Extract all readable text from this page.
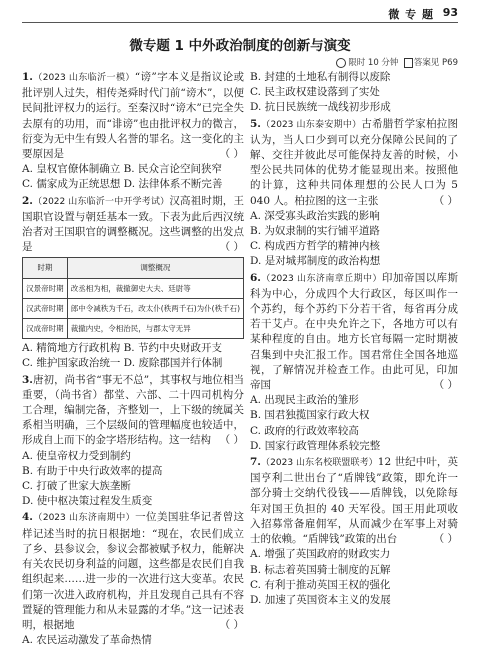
微 专 题 93
微专题 1 中外政治制度的创新与演变
限时 10 分钟 答案见 P69

1.（2023 山东临沂一模）“谤”字本义是指议论或批评别人过失，相传尧舜时代门前“谤木”，以便民间批评权力的运行。至秦汉时“谤木”已完全失去原有的功用，而“诽谤”也由批评权力的微言，衍变为无中生有毁人名誉的罪名。这一变化的主要原因是	（ ）

A. 皇权官僚体制确立 B. 民众言论空间狭窄

C. 儒家成为正统思想 D. 法律体系不断完善

2.（2022 山东临沂一中开学考试）汉高祖时期，王国职官设置与朝廷基本一致。下表为此后西汉统治者对王国职官的调整概况。这些调整的出发点是	（ ）

时期	调整概况
汉景帝时期	改丞相为相，裁撤御史大夫、廷尉等
汉武帝时期	郎中令减秩为千石，改太仆(秩两千石)为仆(秩千石)
汉成帝时期	裁撤内史，令相治民，与郡太守无异

A. 精简地方行政机构 B. 节约中央财政开支

C. 维护国家政治统一 D. 废除郡国并行体制

3.唐初，尚书省“事无不总”，其事权与地位相当重要，（尚书省）都堂、六部、二十四司机构分工合理，编制完备，齐整划一，上下级的统属关系相当明确，三个层级间的管理幅度也较适中，形成自上而下的金字塔形结构。这一结构 （ ）

A. 使皇帝权力受到制约

B. 有助于中央行政效率的提高

C. 打破了世家大族垄断

D. 使中枢决策过程发生质变

4.（2023 山东济南期中）一位美国驻华记者曾这样记述当时的抗日根据地：“现在，农民们成立了乡、县参议会，参议会都被赋予权力，能解决有关农民切身利益的问题，这些都是农民们自我组织起来……进一步的一次进行这大变革。农民们第一次进入政府机构，并且发现自己具有不容置疑的管理能力和从未显露的才华。”这一记述表明，根据地	（ ）

A. 农民运动激发了革命热情

B. 封建的土地私有制得以废除

C. 民主政权建设落到了实处

D. 抗日民族统一战线初步形成

5.（2023 山东泰安期中）古希腊哲学家柏拉图认为，当人口少到可以充分保障公民间的了解、交往并彼此尽可能保持友善的时候，小型公民共同体的优势才能显现出来。按照他的计算，这种共同体理想的公民人口为 5 040 人。柏拉图的这一主张	（ ）

A. 深受寡头政治实践的影响

B. 为奴隶制的实行铺平道路

C. 构成西方哲学的精神内核

D. 是对城邦制度的政治构想

6.（2023 山东济南章丘期中）印加帝国以库斯科为中心，分成四个大行政区，每区叫作一个苏约，每个苏约下分若干省，每省再分成若干艾卢。在中央允许之下，各地方可以有某种程度的自由。地方长官每隔一定时期被召集到中央汇报工作。国君常住全国各地巡视，了解情况并检查工作。由此可见，印加帝国	（ ）

A. 出现民主政治的雏形

B. 国君独揽国家行政大权

C. 政府的行政效率较高

D. 国家行政管理体系较完整

7.（2023 山东名校联盟联考）12 世纪中叶，英国亨利二世出台了“盾牌钱”政策，即允许一部分骑士交纳代役钱——盾牌钱，以免除每年对国王负担的 40 天军役。国王用此项收入招募常备雇佣军，从而减少在军事上对骑士的依赖。“盾牌钱”政策的出台	（ ）

A. 增强了英国政府的财政实力

B. 标志着英国骑士制度的瓦解

C. 有利于推动英国王权的强化

D. 加速了英国资本主义的发展
